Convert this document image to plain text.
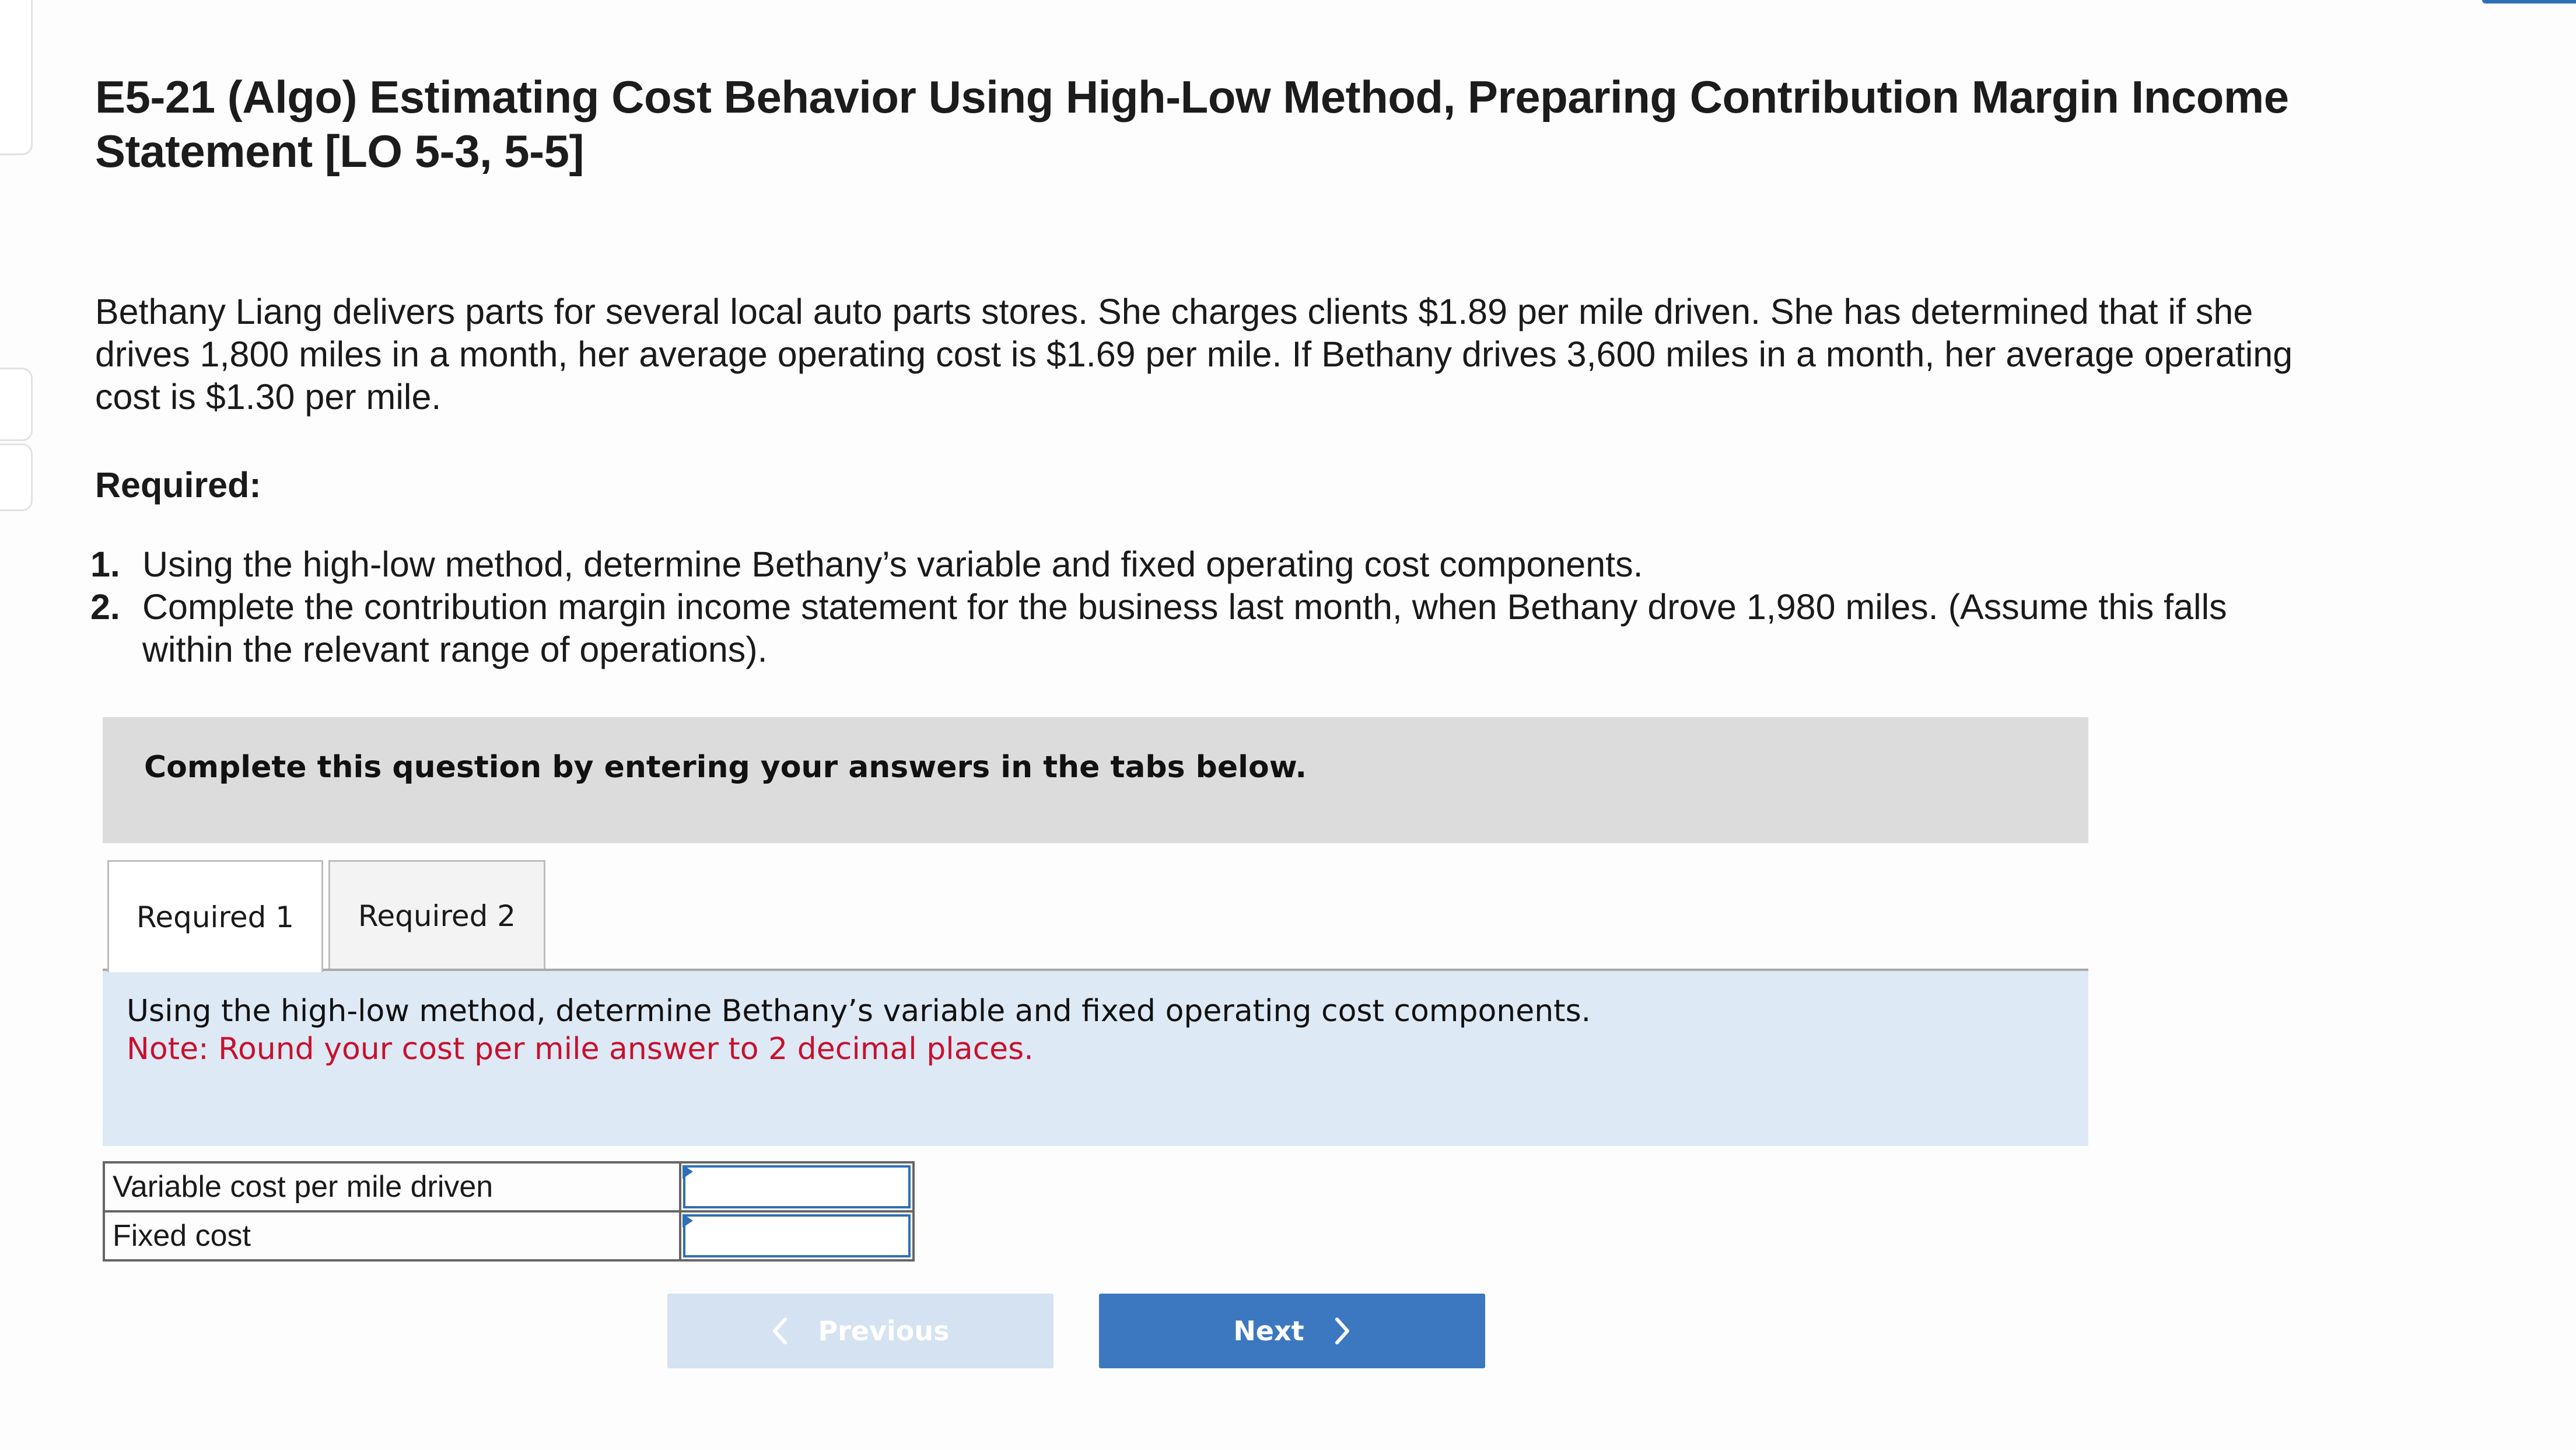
E5-21 (Algo) Estimating Cost Behavior Using High-Low Method, Preparing Contribution Margin Income Statement [LO 5-3, 5-5]
Bethany Liang delivers parts for several local auto parts stores. She charges clients $1.89 per mile driven. She has determined that if she drives 1,800 miles in a month, her average operating cost is $1.69 per mile. If Bethany drives 3,600 miles in a month, her average operating cost is $1.30 per mile.
Required:
1. Using the high-low method, determine Bethany’s variable and fixed operating cost components.
2. Complete the contribution margin income statement for the business last month, when Bethany drove 1,980 miles. (Assume this falls within the relevant range of operations).
Complete this question by entering your answers in the tabs below.
Required 1 Required 2
Using the high-low method, determine Bethany’s variable and fixed operating cost components.
Note: Round your cost per mile answer to 2 decimal places.
Variable cost per mile driven	

Fixed cost	
Previous	Next
